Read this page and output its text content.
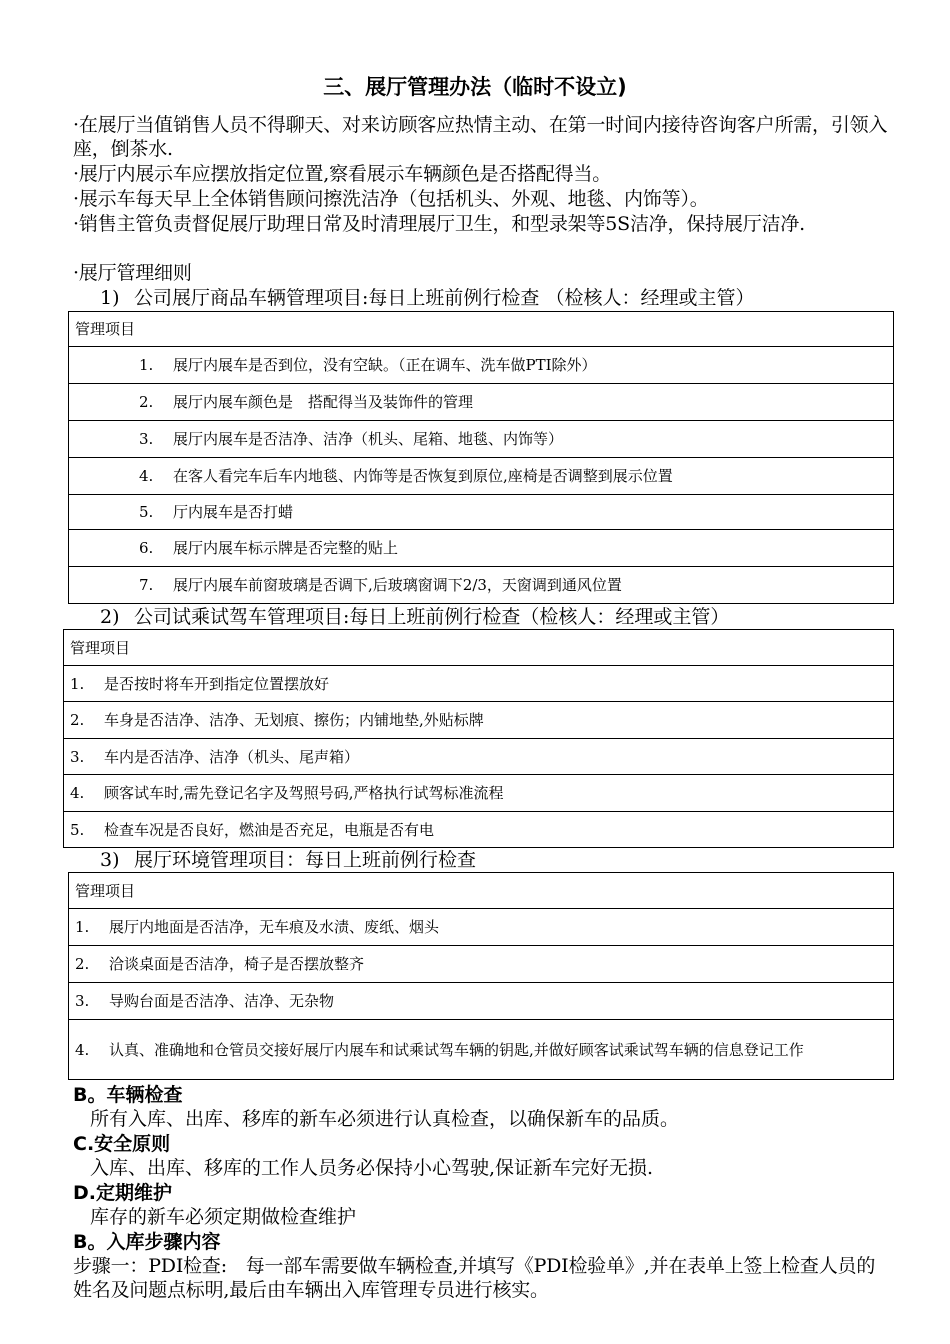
三、展厅管理办法（临时不设立)
·在展厅当值销售人员不得聊天、对来访顾客应热情主动、在第一时间内接待咨询客户所需，引领入座，倒茶水.
·展厅内展示车应摆放指定位置,察看展示车辆颜色是否搭配得当。
·展示车每天早上全体销售顾问擦洗洁净（包括机头、外观、地毯、内饰等）。
·销售主管负责督促展厅助理日常及时清理展厅卫生，和型录架等5S洁净，保持展厅洁净.
·展厅管理细则
1) 公司展厅商品车辆管理项目:每日上班前例行检查 （检核人：经理或主管）
管理项目

1.	展厅内展车是否到位，没有空缺。（正在调车、洗车做PTI除外）

2.	展厅内展车颜色是　搭配得当及装饰件的管理

3.	展厅内展车是否洁净、洁净（机头、尾箱、地毯、内饰等）

4.	在客人看完车后车内地毯、内饰等是否恢复到原位,座椅是否调整到展示位置

5.	厅内展车是否打蜡

6.	展厅内展车标示牌是否完整的贴上

7.	展厅内展车前窗玻璃是否调下,后玻璃窗调下2/3，天窗调到通风位置
2) 公司试乘试驾车管理项目:每日上班前例行检查（检核人：经理或主管）
管理项目

1.	是否按时将车开到指定位置摆放好

2.	车身是否洁净、洁净、无划痕、擦伤；内铺地垫,外贴标牌

3.	车内是否洁净、洁净（机头、尾声箱）

4.	顾客试车时,需先登记名字及驾照号码,严格执行试驾标准流程

5.	检查车况是否良好，燃油是否充足，电瓶是否有电
3) 展厅环境管理项目：每日上班前例行检查
管理项目

1.	展厅内地面是否洁净，无车痕及水渍、废纸、烟头

2.	洽谈桌面是否洁净，椅子是否摆放整齐

3.	导购台面是否洁净、洁净、无杂物

4.	认真、准确地和仓管员交接好展厅内展车和试乘试驾车辆的钥匙,并做好顾客试乘试驾车辆的信息登记工作
B。车辆检查
所有入库、出库、移库的新车必须进行认真检查，以确保新车的品质。
C.安全原则
入库、出库、移库的工作人员务必保持小心驾驶,保证新车完好无损.
D.定期维护
库存的新车必须定期做检查维护
B。入库步骤内容
步骤一：PDI检查:　每一部车需要做车辆检查,并填写《PDI检验单》,并在表单上签上检查人员的姓名及问题点标明,最后由车辆出入库管理专员进行核实。
